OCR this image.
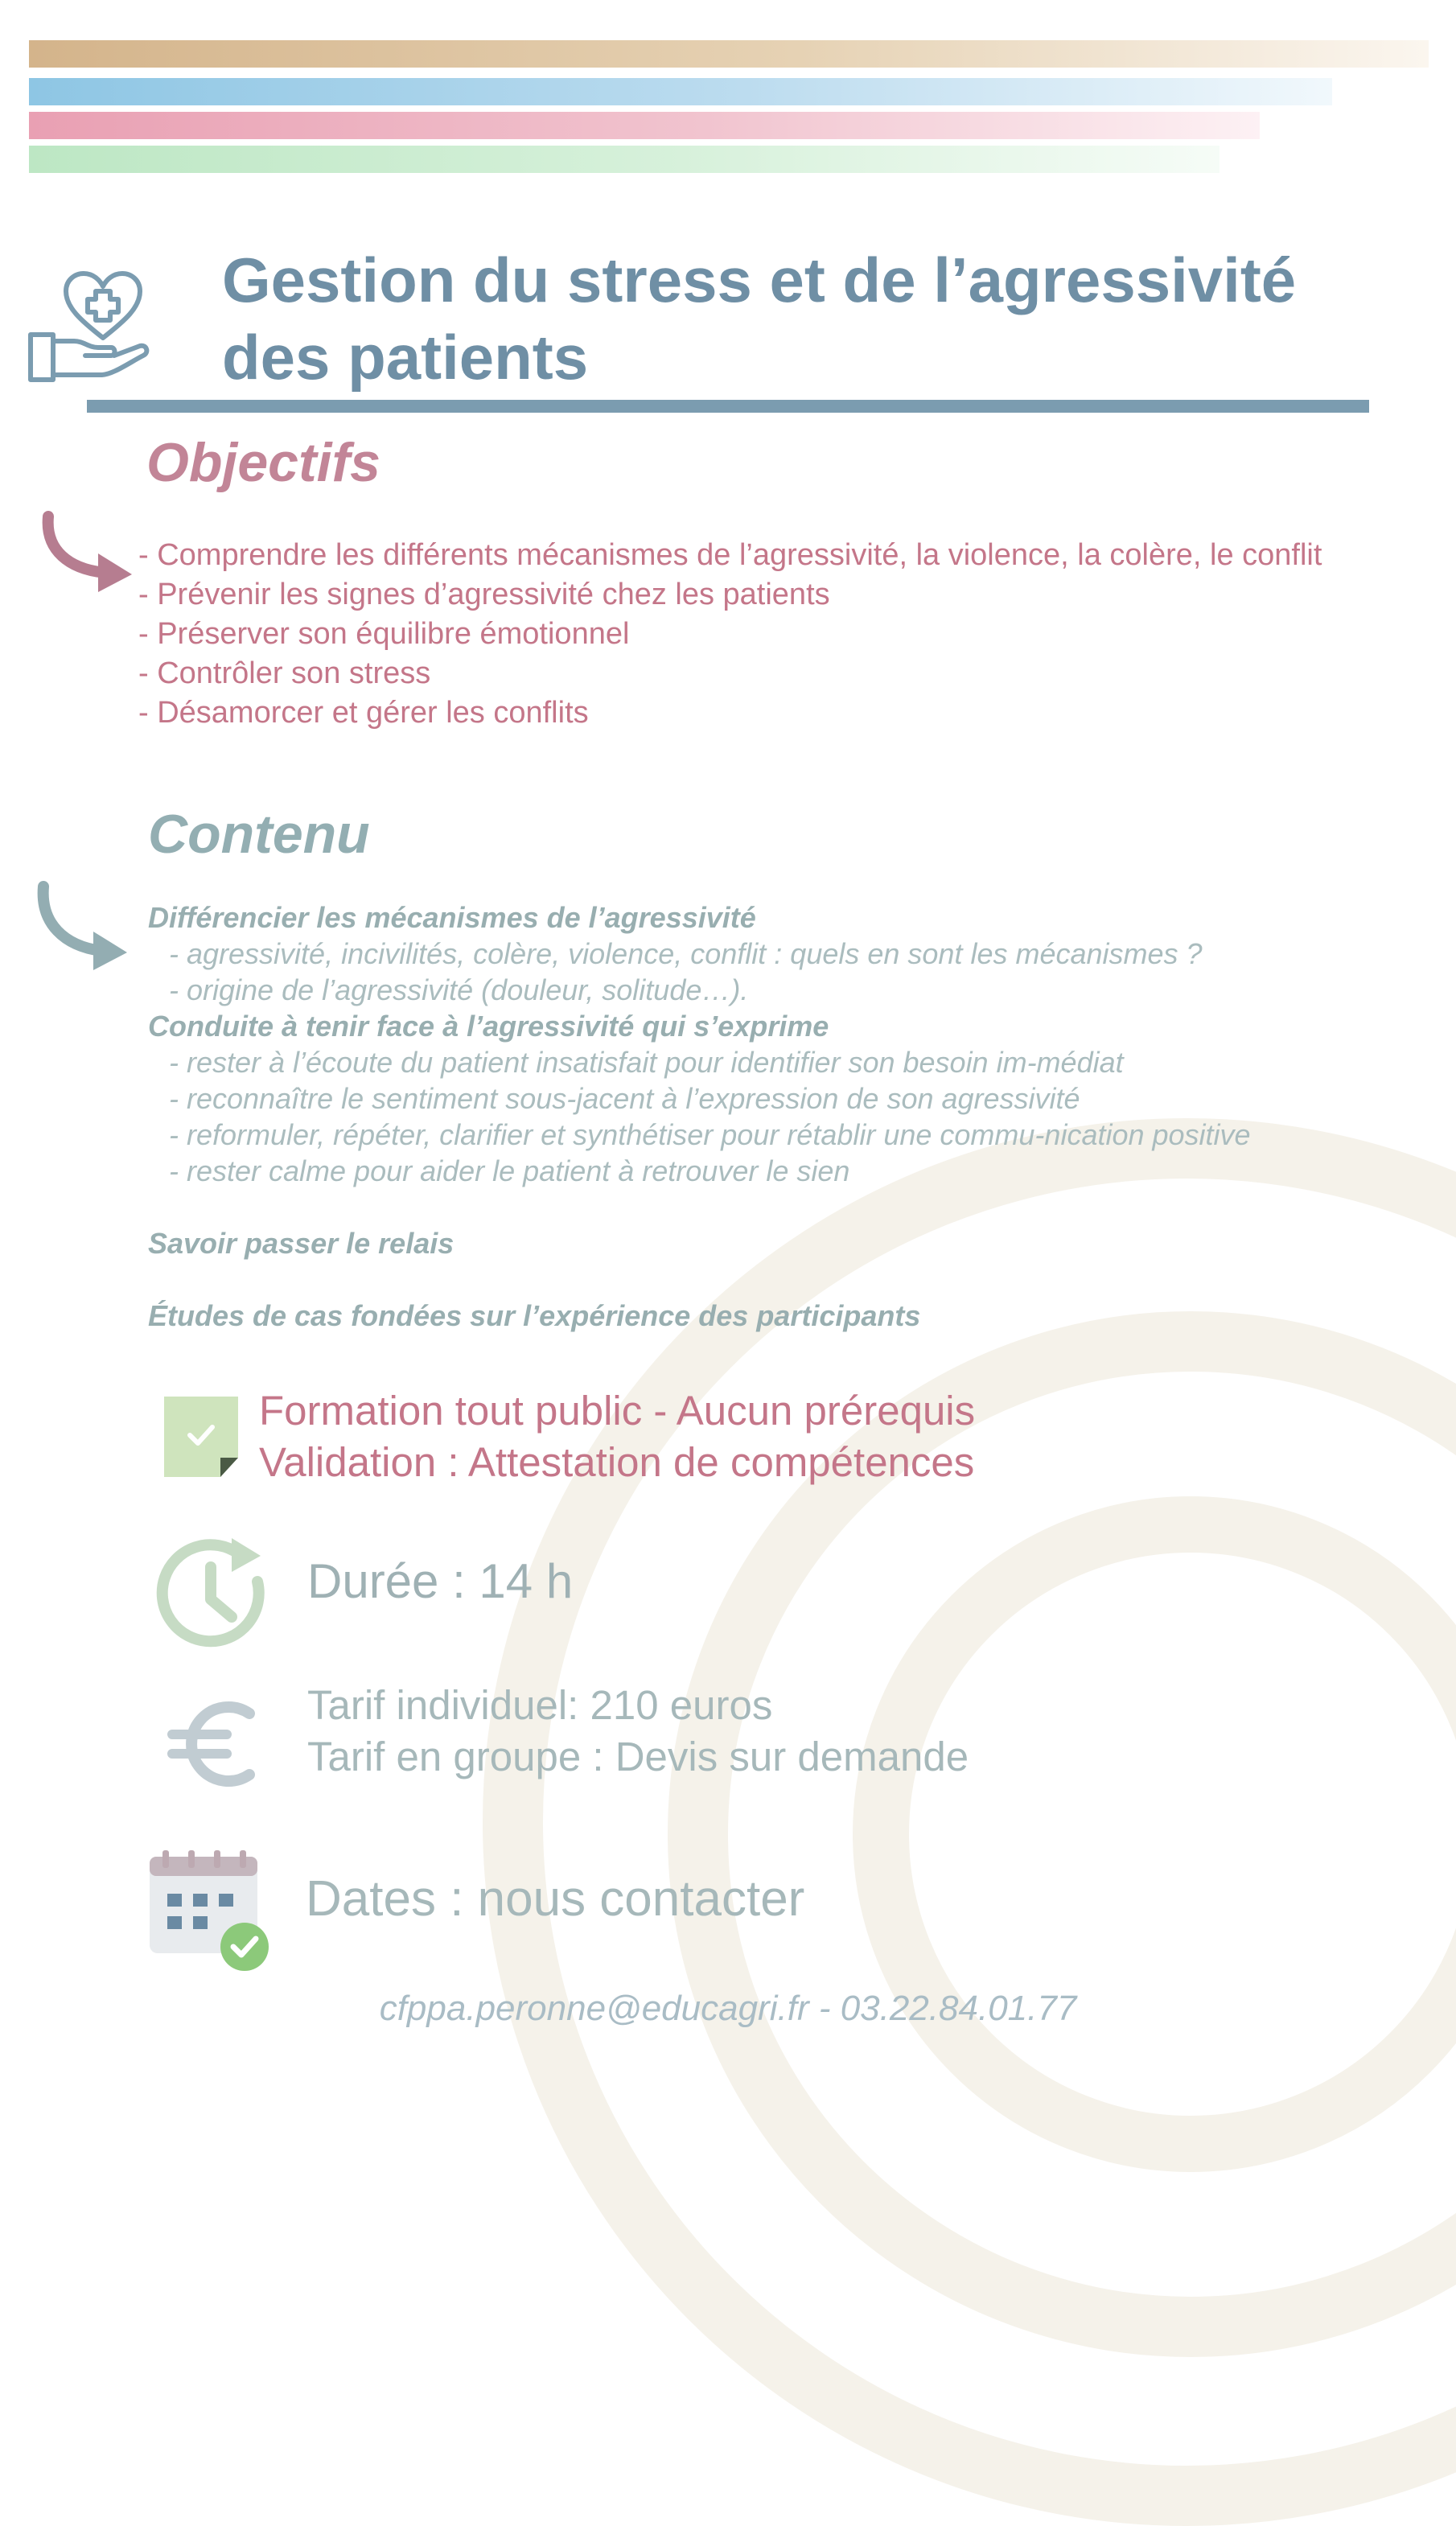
Gestion du stress et de l’agressivité des patients
Objectifs
- Comprendre les différents mécanismes de l’agressivité, la violence, la colère, le conflit
- Prévenir les signes d’agressivité chez les patients
- Préserver son équilibre émotionnel
- Contrôler son stress
- Désamorcer et gérer les conflits
Contenu
Différencier les mécanismes de l’agressivité
- agressivité, incivilités, colère, violence, conflit : quels en sont les mécanismes ?
- origine de l’agressivité (douleur, solitude…).
Conduite à tenir face à l’agressivité qui s’exprime
- rester à l’écoute du patient insatisfait pour identifier son besoin im-médiat
- reconnaître le sentiment sous-jacent à l’expression de son agressivité
- reformuler, répéter, clarifier et synthétiser pour rétablir une commu-nication positive
- rester calme pour aider le patient à retrouver le sien
Savoir passer le relais
Études de cas fondées sur l’expérience des participants
Formation tout public - Aucun prérequis
Validation : Attestation de compétences
Durée : 14 h
Tarif individuel: 210 euros
Tarif en groupe : Devis sur demande
Dates : nous contacter
cfppa.peronne@educagri.fr - 03.22.84.01.77
